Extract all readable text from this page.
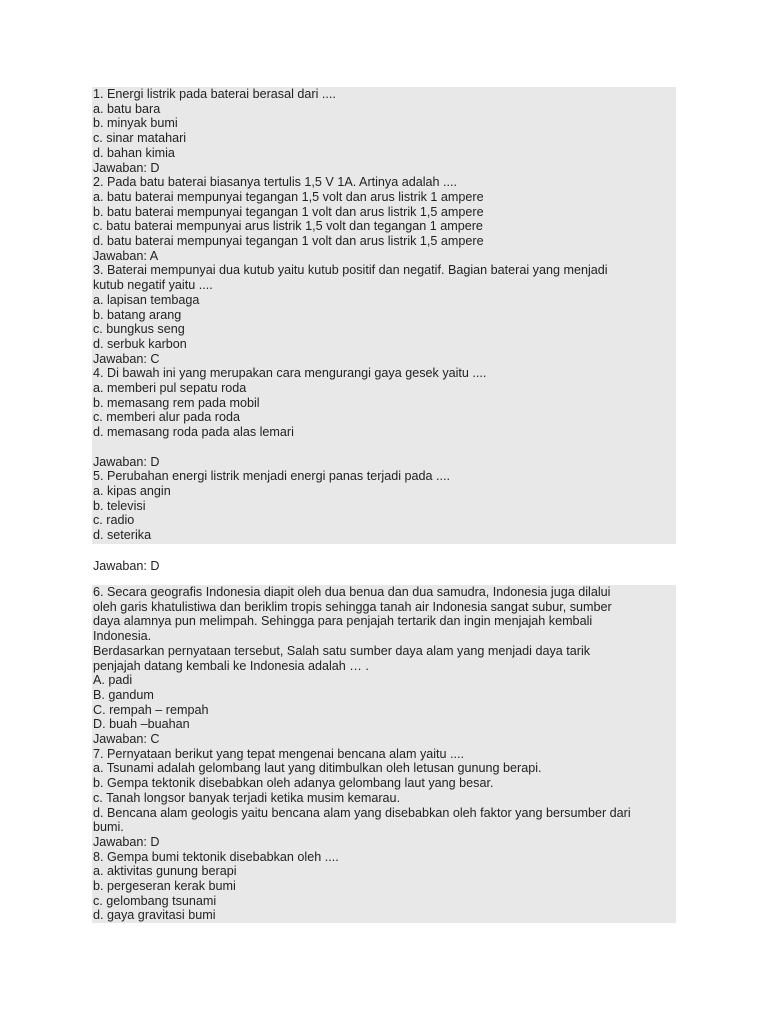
1. Energi listrik pada baterai berasal dari ....
a. batu bara
b. minyak bumi
c. sinar matahari
d. bahan kimia
Jawaban: D
2. Pada batu baterai biasanya tertulis 1,5 V 1A. Artinya adalah ....
a. batu baterai mempunyai tegangan 1,5 volt dan arus listrik 1 ampere
b. batu baterai mempunyai tegangan 1 volt dan arus listrik 1,5 ampere
c. batu baterai mempunyai arus listrik 1,5 volt dan tegangan 1 ampere
d. batu baterai mempunyai tegangan 1 volt dan arus listrik 1,5 ampere
Jawaban: A
3. Baterai mempunyai dua kutub yaitu kutub positif dan negatif. Bagian baterai yang menjadi
kutub negatif yaitu ....
a. lapisan tembaga
b. batang arang
c. bungkus seng
d. serbuk karbon
Jawaban: C
4. Di bawah ini yang merupakan cara mengurangi gaya gesek yaitu ....
a. memberi pul sepatu roda
b. memasang rem pada mobil
c. memberi alur pada roda
d. memasang roda pada alas lemari
Jawaban: D
5. Perubahan energi listrik menjadi energi panas terjadi pada ....
a. kipas angin
b. televisi
c. radio
d. seterika
Jawaban: D
6. Secara geografis Indonesia diapit oleh dua benua dan dua samudra, Indonesia juga dilalui
oleh garis khatulistiwa dan beriklim tropis sehingga tanah air Indonesia sangat subur, sumber
daya alamnya pun melimpah. Sehingga para penjajah tertarik dan ingin menjajah kembali
Indonesia.
Berdasarkan pernyataan tersebut, Salah satu sumber daya alam yang menjadi daya tarik
penjajah datang kembali ke Indonesia adalah … .
A. padi
B. gandum
C. rempah – rempah
D. buah –buahan
Jawaban: C
7. Pernyataan berikut yang tepat mengenai bencana alam yaitu ....
a. Tsunami adalah gelombang laut yang ditimbulkan oleh letusan gunung berapi.
b. Gempa tektonik disebabkan oleh adanya gelombang laut yang besar.
c. Tanah longsor banyak terjadi ketika musim kemarau.
d. Bencana alam geologis yaitu bencana alam yang disebabkan oleh faktor yang bersumber dari
bumi.
Jawaban: D
8. Gempa bumi tektonik disebabkan oleh ....
a. aktivitas gunung berapi
b. pergeseran kerak bumi
c. gelombang tsunami
d. gaya gravitasi bumi
